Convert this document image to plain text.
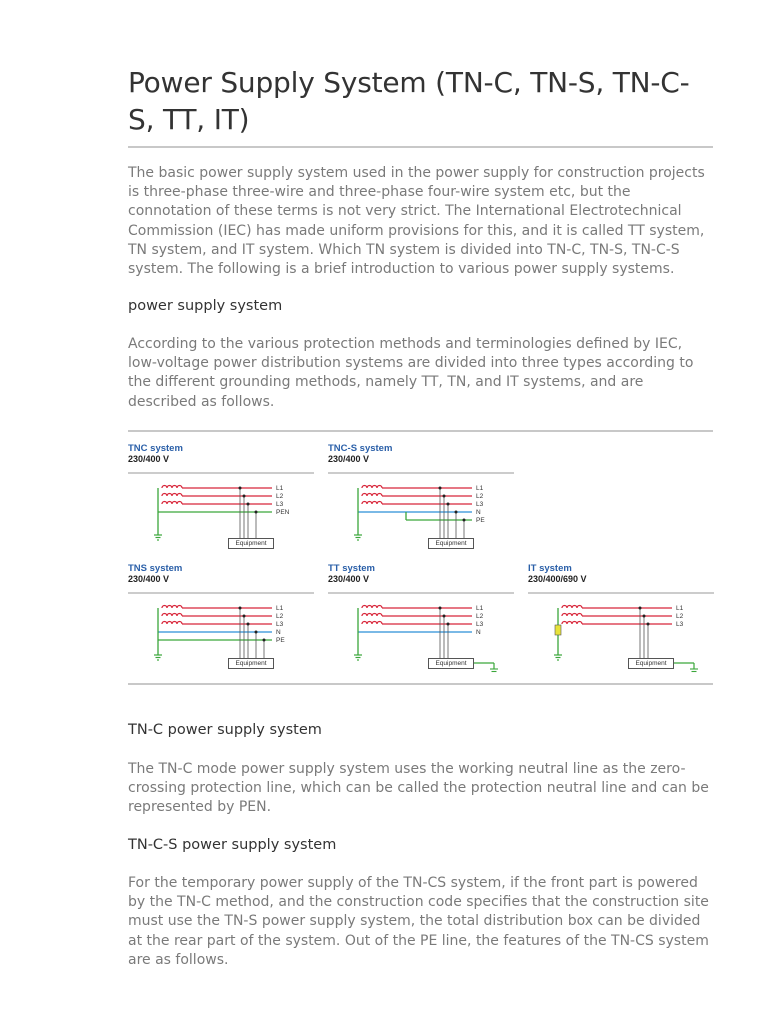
Power Supply System (TN-C, TN-S, TN-C-S, TT, IT)

The basic power supply system used in the power supply for construction projects is three-phase three-wire and three-phase four-wire system etc, but the connotation of these terms is not very strict. The International Electrotechnical Commission (IEC) has made uniform provisions for this, and it is called TT system, TN system, and IT system. Which TN system is divided into TN-C, TN-S, TN-C-S system. The following is a brief introduction to various power supply systems.

power supply system

According to the various protection methods and terminologies defined by IEC, low-voltage power distribution systems are divided into three types according to the different grounding methods, namely TT, TN, and IT systems, and are described as follows.

TNC system
230/400 V
L1
L2
L3
PEN
Equipment
TNC-S system
230/400 V
L1
L2
L3
N
PE
Equipment
TNS system
230/400 V
L1
L2
L3
N
PE
Equipment
TT system
230/400 V
L1
L2
L3
N
Equipment
IT system
230/400/690 V
L1
L2
L3
Equipment

TN-C power supply system

The TN-C mode power supply system uses the working neutral line as the zero-crossing protection line, which can be called the protection neutral line and can be represented by PEN.

TN-C-S power supply system

For the temporary power supply of the TN-CS system, if the front part is powered by the TN-C method, and the construction code specifies that the construction site must use the TN-S power supply system, the total distribution box can be divided at the rear part of the system. Out of the PE line, the features of the TN-CS system are as follows.
